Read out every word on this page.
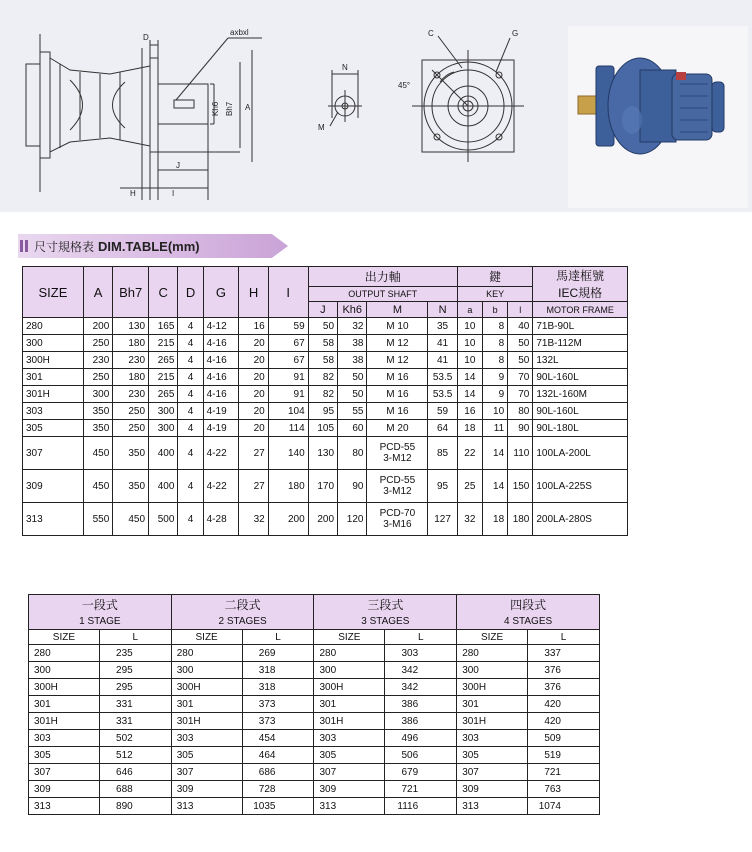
D
axbxl
Kh6 Bh7 A
J
H	I
N
M
C	G
45°
尺寸規格表 DIM.TABLE(mm)
SIZE	A	Bh7	C	D	G	H	I	出力軸				鍵			馬達框號
IEC規格

								OUTPUT SHAFT				KEY			
								J	Kh6	M	N	a	b	l	MOTOR FRAME
280	200	130	165	4	4-12	16	59	50	32	M 10	35	10	8	40	71B-90L
300	250	180	215	4	4-16	20	67	58	38	M 12	41	10	8	50	71B-112M
300H	230	230	265	4	4-16	20	67	58	38	M 12	41	10	8	50	132L
301	250	180	215	4	4-16	20	91	82	50	M 16	53.5	14	9	70	90L-160L
301H	300	230	265	4	4-16	20	91	82	50	M 16	53.5	14	9	70	132L-160M
303	350	250	300	4	4-19	20	104	95	55	M 16	59	16	10	80	90L-160L
305	350	250	300	4	4-19	20	114	105	60	M 20	64	18	11	90	90L-180L
307	450	350	400	4	4-22	27	140	130	80	PCD-55
3-M12	85	22	14	110	100LA-200L
309	450	350	400	4	4-22	27	180	170	90	PCD-55
3-M12	95	25	14	150	100LA-225S
313	550	450	500	4	4-28	32	200	200	120	PCD-70
3-M16	127	32	18	180	200LA-280S
一段式		二段式		三段式		四段式	
1 STAGE		2 STAGES		3 STAGES		4 STAGES	
SIZE	L	SIZE	L	SIZE	L	SIZE	L
280	235	280	269	280	303	280	337
300	295	300	318	300	342	300	376
300H	295	300H	318	300H	342	300H	376
301	331	301	373	301	386	301	420
301H	331	301H	373	301H	386	301H	420
303	502	303	454	303	496	303	509
305	512	305	464	305	506	305	519
307	646	307	686	307	679	307	721
309	688	309	728	309	721	309	763
313	890	313	1035	313	1116	313	1074
